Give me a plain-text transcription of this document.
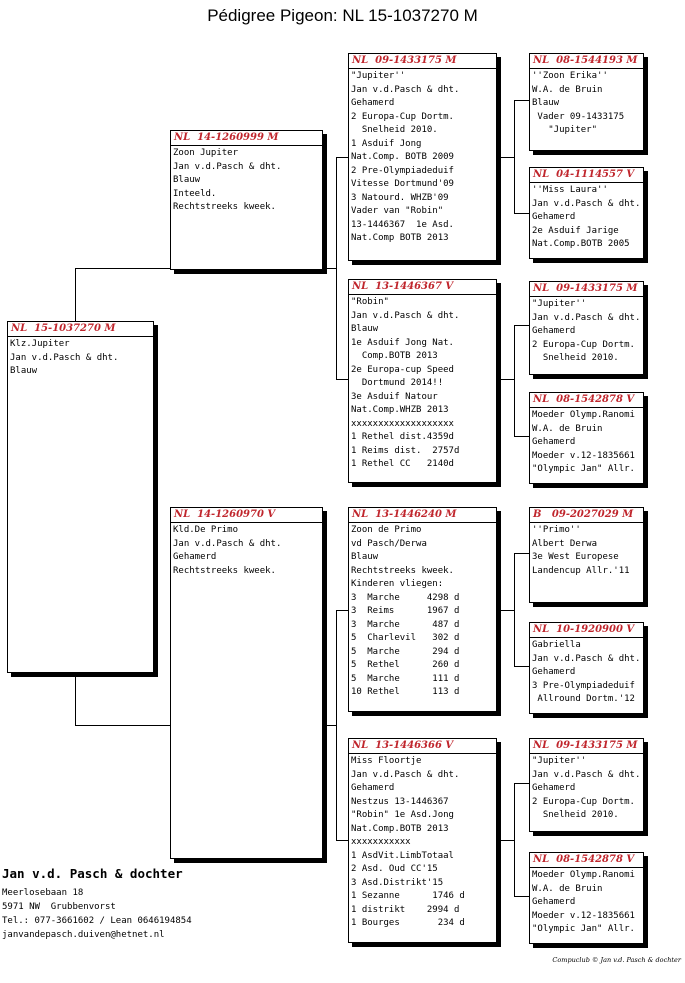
Pédigree Pigeon: NL 15-1037270 M
NL  15-1037270 M
Klz.Jupiter
Jan v.d.Pasch & dht.
Blauw
NL  14-1260999 M
Zoon Jupiter
Jan v.d.Pasch & dht.
Blauw
Inteeld.
Rechtstreeks kweek.
NL  14-1260970 V
Kld.De Primo
Jan v.d.Pasch & dht.
Gehamerd
Rechtstreeks kweek.
NL  09-1433175 M
"Jupiter''
Jan v.d.Pasch & dht.
Gehamerd
2 Europa-Cup Dortm.
Snelheid 2010.
1 Asduif Jong
Nat.Comp. BOTB 2009
2 Pre-Olympiadeduif
Vitesse Dortmund'09
3 Natourd. WHZB'09
Vader van "Robin"
13-1446367  1e Asd.
Nat.Comp BOTB 2013
NL  13-1446367 V
"Robin"
Jan v.d.Pasch & dht.
Blauw
1e Asduif Jong Nat.
Comp.BOTB 2013
2e Europa-cup Speed
Dortmund 2014!!
3e Asduif Natour
Nat.Comp.WHZB 2013
xxxxxxxxxxxxxxxxxxx
1 Rethel dist.4359d
1 Reims dist.  2757d
1 Rethel CC   2140d
NL  13-1446240 M
Zoon de Primo
vd Pasch/Derwa
Blauw
Rechtstreeks kweek.
Kinderen vliegen:
3  Marche     4298 d
3  Reims      1967 d
3  Marche      487 d
5  Charlevil   302 d
5  Marche      294 d
5  Rethel      260 d
5  Marche      111 d
10 Rethel      113 d
NL  13-1446366 V
Miss Floortje
Jan v.d.Pasch & dht.
Gehamerd
Nestzus 13-1446367
"Robin" 1e Asd.Jong
Nat.Comp.BOTB 2013
xxxxxxxxxxx
1 AsdVit.LimbTotaal
2 Asd. Oud CC'15
3 Asd.Distrikt'15
1 Sezanne      1746 d
1 distrikt    2994 d
1 Bourges       234 d
NL  08-1544193 M
''Zoon Erika''
W.A. de Bruin
Blauw
Vader 09-1433175
"Jupiter"
NL  04-1114557 V
''Miss Laura''
Jan v.d.Pasch & dht.
Gehamerd
2e Asduif Jarige
Nat.Comp.BOTB 2005
NL  09-1433175 M
"Jupiter''
Jan v.d.Pasch & dht.
Gehamerd
2 Europa-Cup Dortm.
Snelheid 2010.
NL  08-1542878 V
Moeder Olymp.Ranomi
W.A. de Bruin
Gehamerd
Moeder v.12-1835661
"Olympic Jan" Allr.
B   09-2027029 M
''Primo''
Albert Derwa
3e West Europese
Landencup Allr.'11
NL  10-1920900 V
Gabriella
Jan v.d.Pasch & dht.
Gehamerd
3 Pre-Olympiadeduif
Allround Dortm.'12
NL  09-1433175 M
"Jupiter''
Jan v.d.Pasch & dht.
Gehamerd
2 Europa-Cup Dortm.
Snelheid 2010.
NL  08-1542878 V
Moeder Olymp.Ranomi
W.A. de Bruin
Gehamerd
Moeder v.12-1835661
"Olympic Jan" Allr.
Jan v.d. Pasch & dochter
Meerlosebaan 18
5971 NW  Grubbenvorst
Tel.: 077-3661602 / Lean 0646194854
janvandepasch.duiven@hetnet.nl
Compuclub © Jan v.d. Pasch & dochter
